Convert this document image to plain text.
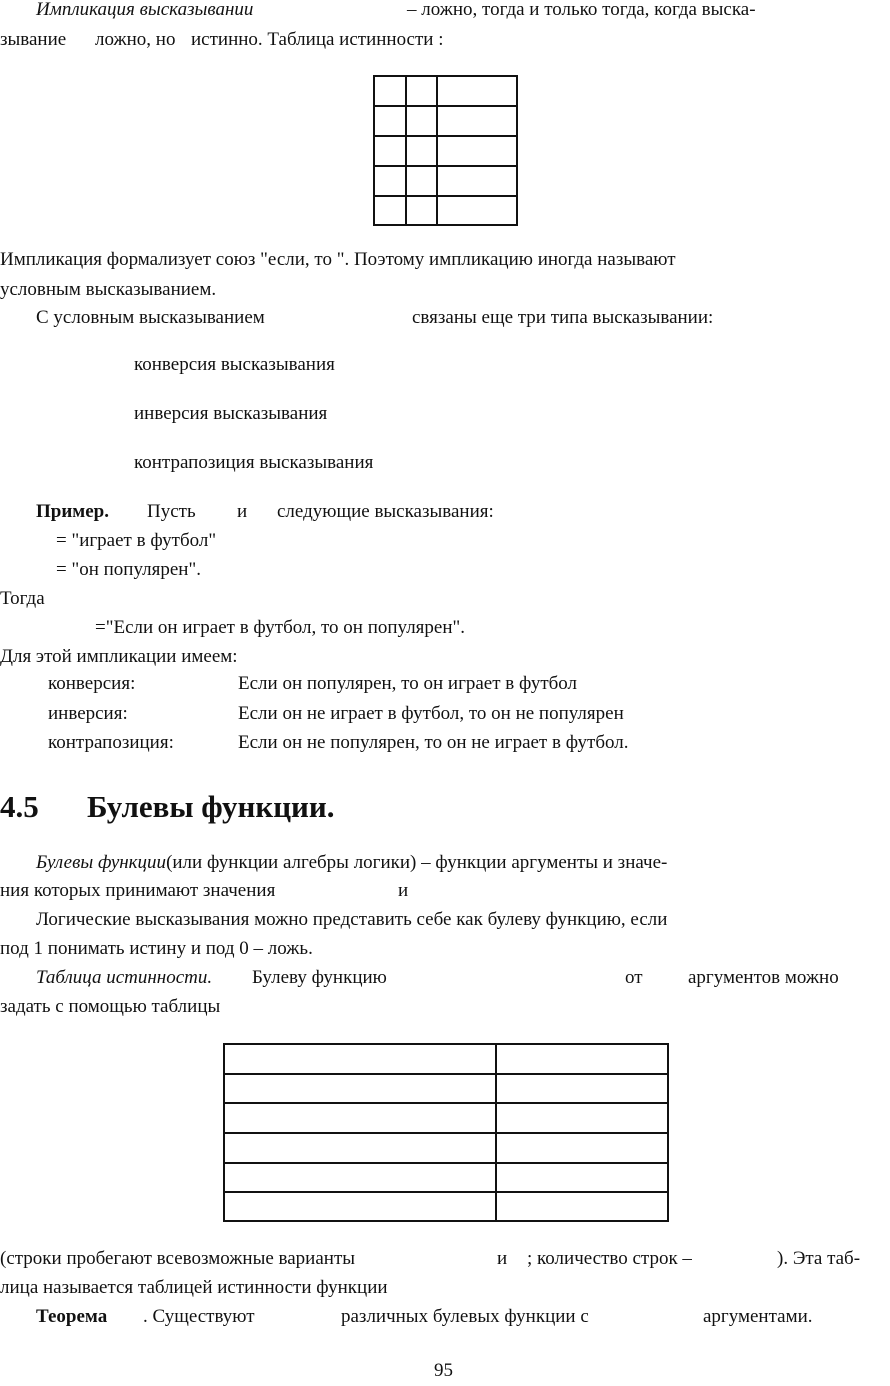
Импликация высказывании	– ложно, тогда и только тогда, когда выска-
зывание ложно, но истинно. Таблица истинности :

Импликация формализует союз "если, то ". Поэтому импликацию иногда называют
условным высказыванием.
С условным высказыванием	связаны еще три типа высказывании:
конверсия высказывания
инверсия высказывания
контрапозиция высказывания
Пример. Пусть и следующие высказывания:
= "играет в футбол"
= "он популярен".
Тогда
="Если он играет в футбол, то он популярен".
Для этой импликации имеем:
конверсия:	Если он популярен, то он играет в футбол
инверсия:	Если он не играет в футбол, то он не популярен
контрапозиция:	Если он не популярен, то он не играет в футбол.
4.5 Булевы функции.
Булевы функции(или функции алгебры логики) – функции аргументы и значе-
ния которых принимают значения	и
Логические высказывания можно представить себе как булеву функцию, если
под 1 понимать истину и под 0 – ложь.
Таблица истинности. Булеву функцию	от аргументов можно
задать с помощью таблицы

(строки пробегают всевозможные варианты	и ; количество строк –	). Эта таб-
лица называется таблицей истинности функции
Теорема . Существуют	различных булевых функции с	аргументами.
95
